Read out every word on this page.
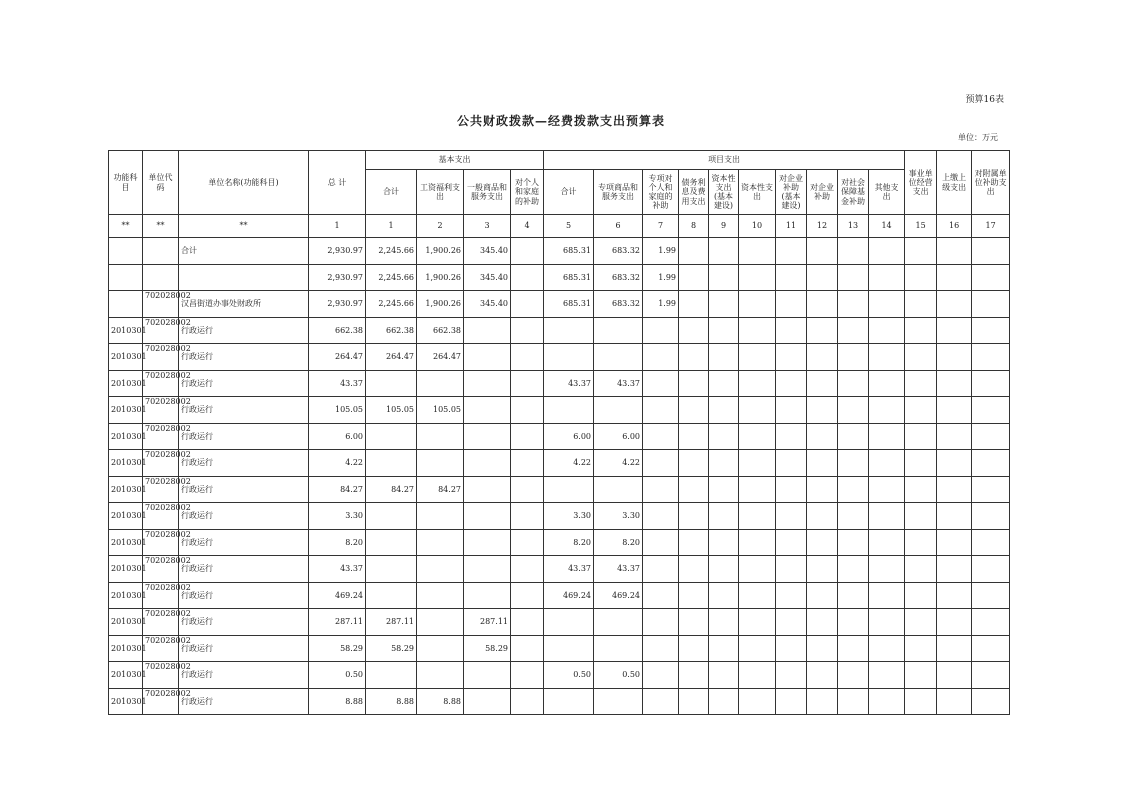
预算16表
公共财政拨款—经费拨款支出预算表
单位：万元
功能科目	单位代码	单位名称(功能科目)	总 计	基本支出				项目支出										事业单位经营支出	上缴上级支出	对附属单位补助支出
				合计	工资福利支出	一般商品和服务支出	对个人和家庭的补助	合计	专项商品和服务支出	专项对个人和家庭的补助	债务利息及费用支出	资本性支出(基本建设)	资本性支出	对企业补助(基本建设)	对企业补助	对社会保障基金补助	其他支出			
**	**	**	1	1	2	3	4	5	6	7	8	9	10	11	12	13	14	15	16	17
		合计	2,930.97	2,245.66	1,900.26	345.40		685.31	683.32	1.99										
			2,930.97	2,245.66	1,900.26	345.40		685.31	683.32	1.99										
	702028002	汉昌街道办事处财政所	2,930.97	2,245.66	1,900.26	345.40		685.31	683.32	1.99										
2010301	702028002	行政运行	662.38	662.38	662.38															
2010301	702028002	行政运行	264.47	264.47	264.47															
2010301	702028002	行政运行	43.37					43.37	43.37											
2010301	702028002	行政运行	105.05	105.05	105.05															
2010301	702028002	行政运行	6.00					6.00	6.00											
2010301	702028002	行政运行	4.22					4.22	4.22											
2010301	702028002	行政运行	84.27	84.27	84.27															
2010301	702028002	行政运行	3.30					3.30	3.30											
2010301	702028002	行政运行	8.20					8.20	8.20											
2010301	702028002	行政运行	43.37					43.37	43.37											
2010301	702028002	行政运行	469.24					469.24	469.24											
2010301	702028002	行政运行	287.11	287.11		287.11														
2010301	702028002	行政运行	58.29	58.29		58.29														
2010301	702028002	行政运行	0.50					0.50	0.50											
2010301	702028002	行政运行	8.88	8.88	8.88															
